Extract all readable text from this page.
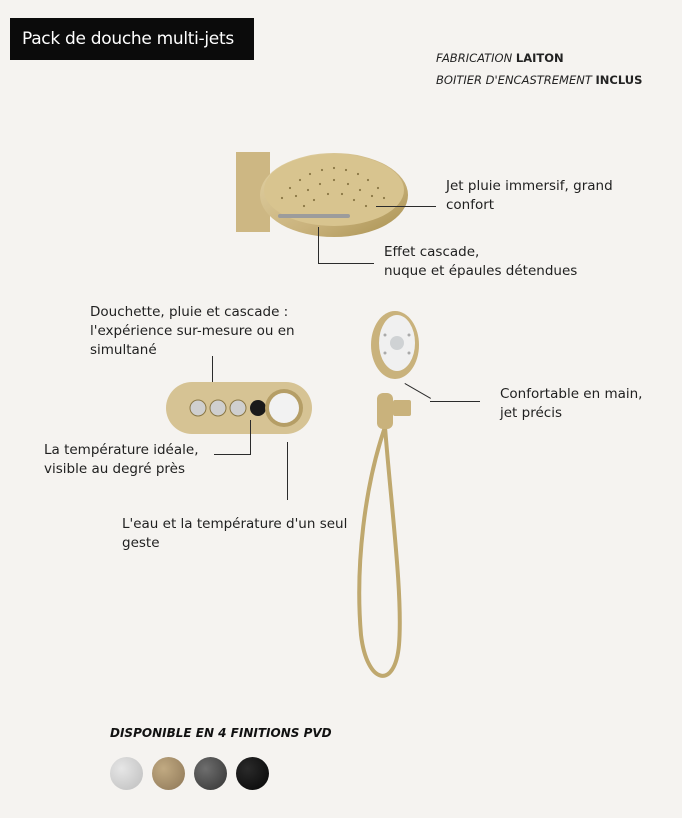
Pack de douche multi-jets
FABRICATION LAITON
BOITIER D'ENCASTREMENT INCLUS
Jet pluie immersif, grand
confort
Effet cascade,
nuque et épaules détendues
Douchette, pluie et cascade :
l'expérience sur-mesure ou en
simultané
La température idéale,
visible au degré près
L'eau et la température d'un seul
geste
Confortable en main,
jet précis
DISPONIBLE EN 4 FINITIONS PVD
